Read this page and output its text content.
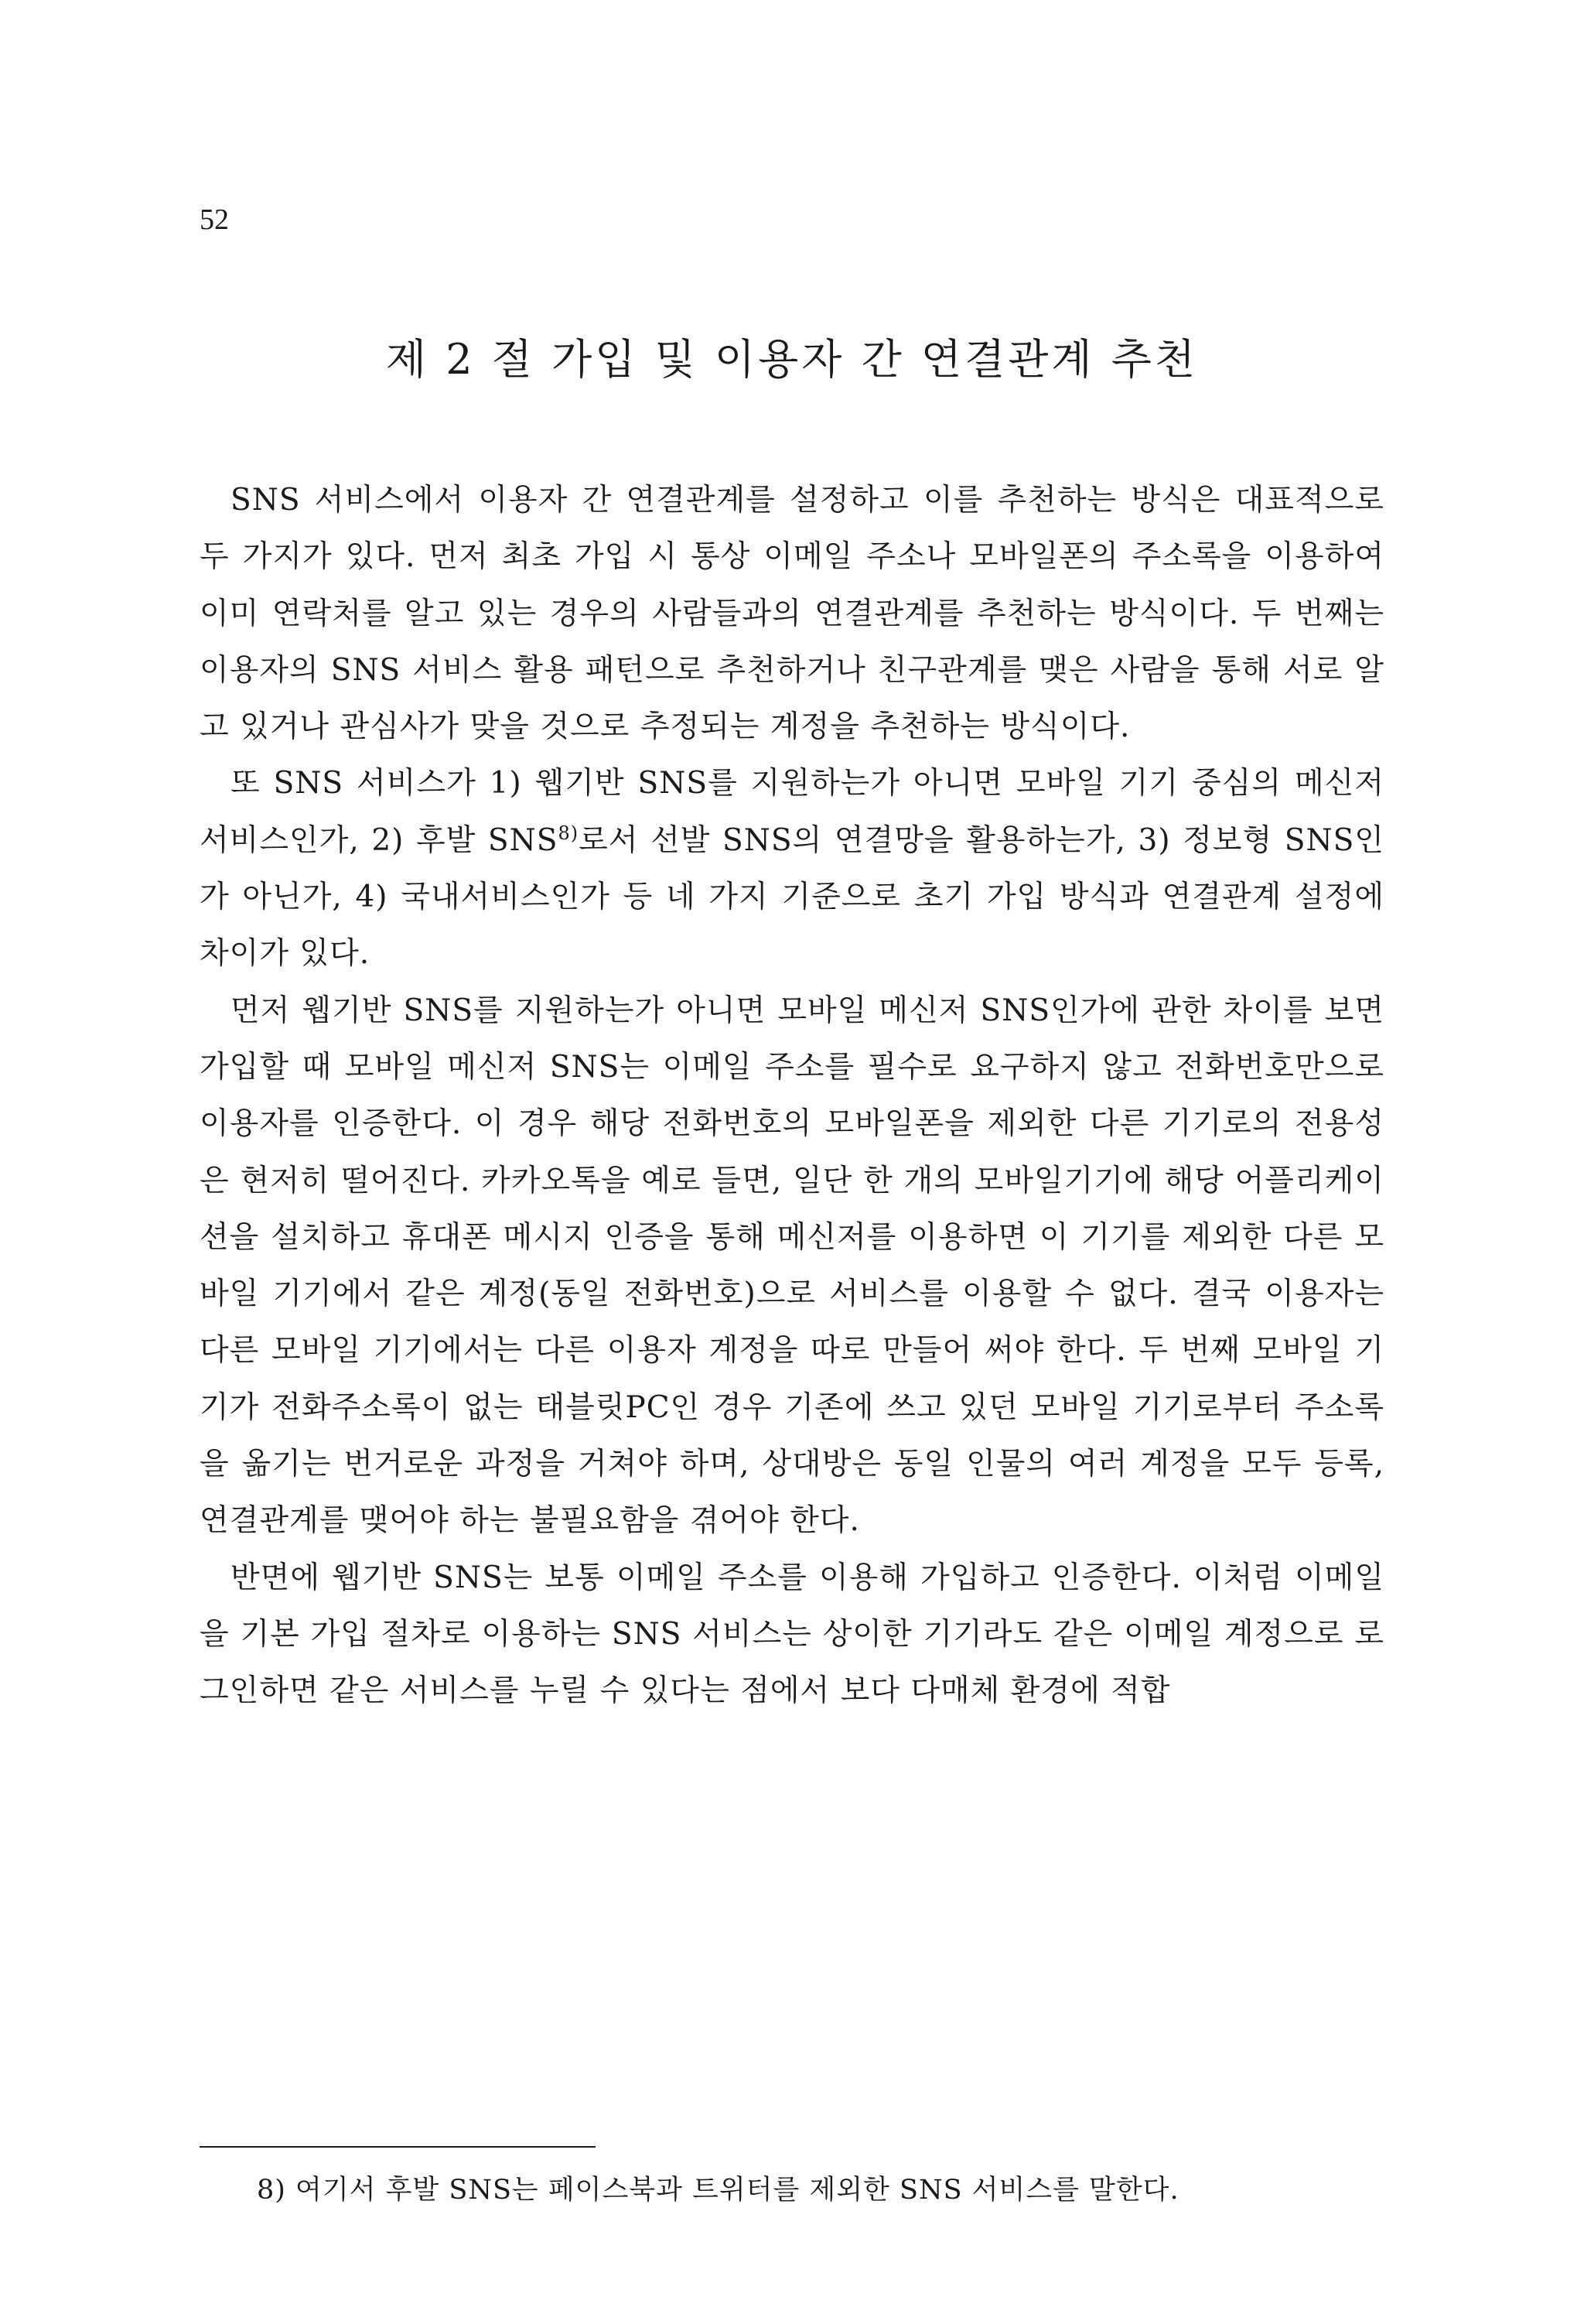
52
제 2 절 가입 및 이용자 간 연결관계 추천

SNS 서비스에서 이용자 간 연결관계를 설정하고 이를 추천하는 방식은 대표적으로 두 가지가 있다. 먼저 최초 가입 시 통상 이메일 주소나 모바일폰의 주소록을 이용하여 이미 연락처를 알고 있는 경우의 사람들과의 연결관계를 추천하는 방식이다. 두 번째는 이용자의 SNS 서비스 활용 패턴으로 추천하거나 친구관계를 맺은 사람을 통해 서로 알고 있거나 관심사가 맞을 것으로 추정되는 계정을 추천하는 방식이다.

또 SNS 서비스가 1) 웹기반 SNS를 지원하는가 아니면 모바일 기기 중심의 메신저 서비스인가, 2) 후발 SNS$^{8)}$로서 선발 SNS의 연결망을 활용하는가, 3) 정보형 SNS인가 아닌가, 4) 국내서비스인가 등 네 가지 기준으로 초기 가입 방식과 연결관계 설정에 차이가 있다.

먼저 웹기반 SNS를 지원하는가 아니면 모바일 메신저 SNS인가에 관한 차이를 보면 가입할 때 모바일 메신저 SNS는 이메일 주소를 필수로 요구하지 않고 전화번호만으로 이용자를 인증한다. 이 경우 해당 전화번호의 모바일폰을 제외한 다른 기기로의 전용성은 현저히 떨어진다. 카카오톡을 예로 들면, 일단 한 개의 모바일기기에 해당 어플리케이션을 설치하고 휴대폰 메시지 인증을 통해 메신저를 이용하면 이 기기를 제외한 다른 모바일 기기에서 같은 계정(동일 전화번호)으로 서비스를 이용할 수 없다. 결국 이용자는 다른 모바일 기기에서는 다른 이용자 계정을 따로 만들어 써야 한다. 두 번째 모바일 기기가 전화주소록이 없는 태블릿PC인 경우 기존에 쓰고 있던 모바일 기기로부터 주소록을 옮기는 번거로운 과정을 거쳐야 하며, 상대방은 동일 인물의 여러 계정을 모두 등록, 연결관계를 맺어야 하는 불필요함을 겪어야 한다.

반면에 웹기반 SNS는 보통 이메일 주소를 이용해 가입하고 인증한다. 이처럼 이메일을 기본 가입 절차로 이용하는 SNS 서비스는 상이한 기기라도 같은 이메일 계정으로 로그인하면 같은 서비스를 누릴 수 있다는 점에서 보다 다매체 환경에 적합

8) 여기서 후발 SNS는 페이스북과 트위터를 제외한 SNS 서비스를 말한다.
